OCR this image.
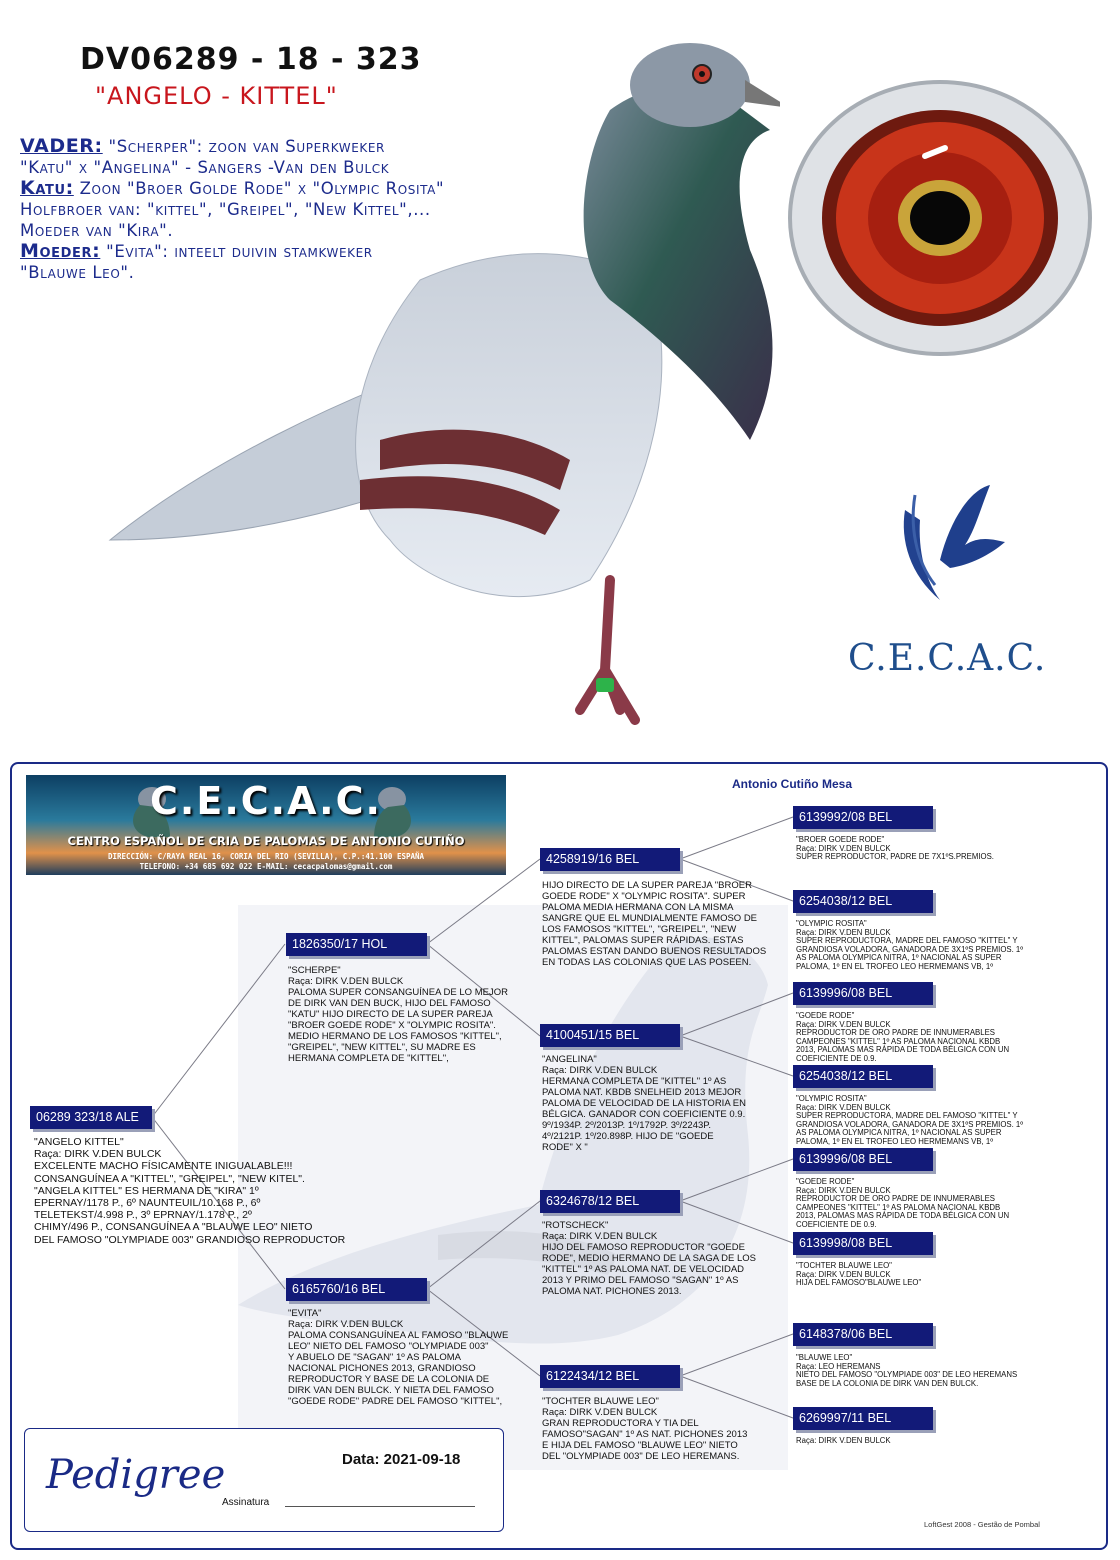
DV06289 - 18 - 323
"ANGELO - KITTEL"
VADER: "Scherper": zoon van Superkweker
"Katu" x "Angelina" - Sangers -Van den Bulck
Katu: Zoon "Broer Golde Rode" x "Olympic Rosita"
Holfbroer van: "kittel", "Greipel", "New Kittel",...
Moeder van "Kira".
Moeder: "Evita": inteelt duivin stamkweker
"Blauwe Leo".
C.E.C.A.C.
C.E.C.A.C.
CENTRO ESPAÑOL DE CRIA DE PALOMAS DE ANTONIO CUTIÑO
DIRECCIÓN: C/RAYA REAL 16, CORIA DEL RIO (SEVILLA), C.P.:41.100 ESPAÑA
TELEFONO: +34 685 692 022 E-MAIL: cecacpalomas@gmail.com
Antonio Cutiño Mesa
06289 323/18 ALE
"ANGELO KITTEL"
Raça: DIRK V.DEN BULCK
EXCELENTE MACHO FÍSICAMENTE INIGUALABLE!!!
CONSANGUÍNEA A "KITTEL", "GREIPEL", "NEW KITEL".
"ANGELA KITTEL" ES HERMANA DE "KIRA" 1º
EPERNAY/1178 P., 6º NAUNTEUIL/10.168 P., 6º
TELETEKST/4.998 P., 3º EPRNAY/1.178 P., 2º
CHIMY/496 P., CONSANGUÍNEA A "BLAUWE LEO" NIETO
DEL FAMOSO "OLYMPIADE 003" GRANDIOSO REPRODUCTOR
1826350/17 HOL
"SCHERPE"
Raça: DIRK V.DEN BULCK
PALOMA SUPER CONSANGUÍNEA DE LO MEJOR
DE DIRK VAN DEN BUCK, HIJO DEL FAMOSO
"KATU" HIJO DIRECTO DE LA SUPER PAREJA
"BROER GOEDE RODE" X "OLYMPIC ROSITA".
MEDIO HERMANO DE LOS FAMOSOS "KITTEL",
"GREIPEL", "NEW KITTEL", SU MADRE ES
HERMANA COMPLETA DE "KITTEL",
6165760/16 BEL
"EVITA"
Raça: DIRK V.DEN BULCK
PALOMA CONSANGUÍNEA AL FAMOSO "BLAUWE
LEO" NIETO DEL FAMOSO "OLYMPIADE 003"
Y ABUELO DE "SAGAN" 1º AS PALOMA
NACIONAL PICHONES 2013, GRANDIOSO
REPRODUCTOR Y BASE DE LA COLONIA DE
DIRK VAN DEN BULCK. Y NIETA DEL FAMOSO
"GOEDE RODE" PADRE DEL FAMOSO "KITTEL",
4258919/16 BEL
HIJO DIRECTO DE LA SUPER PAREJA "BROER
GOEDE RODE" X "OLYMPIC ROSITA". SUPER
PALOMA MEDIA HERMANA CON LA MISMA
SANGRE QUE EL MUNDIALMENTE FAMOSO DE
LOS FAMOSOS "KITTEL", "GREIPEL", "NEW
KITTEL", PALOMAS SUPER RÁPIDAS. ESTAS
PALOMAS ESTAN DANDO BUENOS RESULTADOS
EN TODAS LAS COLONIAS QUE LAS POSEEN.
4100451/15 BEL
"ANGELINA"
Raça: DIRK V.DEN BULCK
HERMANA COMPLETA DE "KITTEL" 1º AS
PALOMA NAT. KBDB SNELHEID 2013 MEJOR
PALOMA DE VELOCIDAD DE LA HISTORIA EN
BÉLGICA. GANADOR CON COEFICIENTE 0.9.
9º/1934P. 2º/2013P. 1º/1792P. 3º/2243P.
4º/2121P. 1º/20.898P. HIJO DE "GOEDE
RODE" X "
6324678/12 BEL
"ROTSCHECK"
Raça: DIRK V.DEN BULCK
HIJO DEL FAMOSO REPRODUCTOR "GOEDE
RODE", MEDIO HERMANO DE LA SAGA DE LOS
"KITTEL" 1º AS PALOMA NAT. DE VELOCIDAD
2013 Y PRIMO DEL FAMOSO "SAGAN" 1º AS
PALOMA NAT. PICHONES 2013.
6122434/12 BEL
"TOCHTER BLAUWE LEO"
Raça: DIRK V.DEN BULCK
GRAN REPRODUCTORA Y TIA DEL
FAMOSO"SAGAN" 1º AS NAT. PICHONES 2013
E HIJA DEL FAMOSO "BLAUWE LEO" NIETO
DEL "OLYMPIADE 003" DE LEO HEREMANS.
6139992/08 BEL
"BROER GOEDE RODE"
Raça: DIRK V.DEN BULCK
SUPER REPRODUCTOR, PADRE DE 7X1ºS.PREMIOS.
6254038/12 BEL
"OLYMPIC ROSITA"
Raça: DIRK V.DEN BULCK
SUPER REPRODUCTORA, MADRE DEL FAMOSO "KITTEL" Y
GRANDIOSA VOLADORA, GANADORA DE 3X1ºS PREMIOS. 1º
AS PALOMA OLYMPICA NITRA, 1º NACIONAL AS SUPER
PALOMA, 1º EN EL TROFEO LEO HERMEMANS VB, 1º
6139996/08 BEL
"GOEDE RODE"
Raça: DIRK V.DEN BULCK
REPRODUCTOR DE ORO PADRE DE INNUMERABLES
CAMPEONES "KITTEL" 1º AS PALOMA NACIONAL KBDB
2013, PALOMAS MAS RÁPIDA DE TODA BÉLGICA CON UN
COEFICIENTE DE 0.9.
6254038/12 BEL
"OLYMPIC ROSITA"
Raça: DIRK V.DEN BULCK
SUPER REPRODUCTORA, MADRE DEL FAMOSO "KITTEL" Y
GRANDIOSA VOLADORA, GANADORA DE 3X1ºS PREMIOS. 1º
AS PALOMA OLYMPICA NITRA, 1º NACIONAL AS SUPER
PALOMA, 1º EN EL TROFEO LEO HERMEMANS VB, 1º
6139996/08 BEL
"GOEDE RODE"
Raça: DIRK V.DEN BULCK
REPRODUCTOR DE ORO PADRE DE INNUMERABLES
CAMPEONES "KITTEL" 1º AS PALOMA NACIONAL KBDB
2013, PALOMAS MAS RÁPIDA DE TODA BÉLGICA CON UN
COEFICIENTE DE 0.9.
6139998/08 BEL
"TOCHTER BLAUWE LEO"
Raça: DIRK V.DEN BULCK
HIJA DEL FAMOSO"BLAUWE LEO"
6148378/06 BEL
"BLAUWE LEO"
Raça: LEO HEREMANS
NIETO DEL FAMOSO "OLYMPIADE 003" DE LEO HEREMANS
BASE DE LA COLONIA DE DIRK VAN DEN BULCK.
6269997/11 BEL
Raça: DIRK V.DEN BULCK
Pedigree	Data: 2021-09-18
Assinatura
LoftGest 2008 - Gestão de Pombal
